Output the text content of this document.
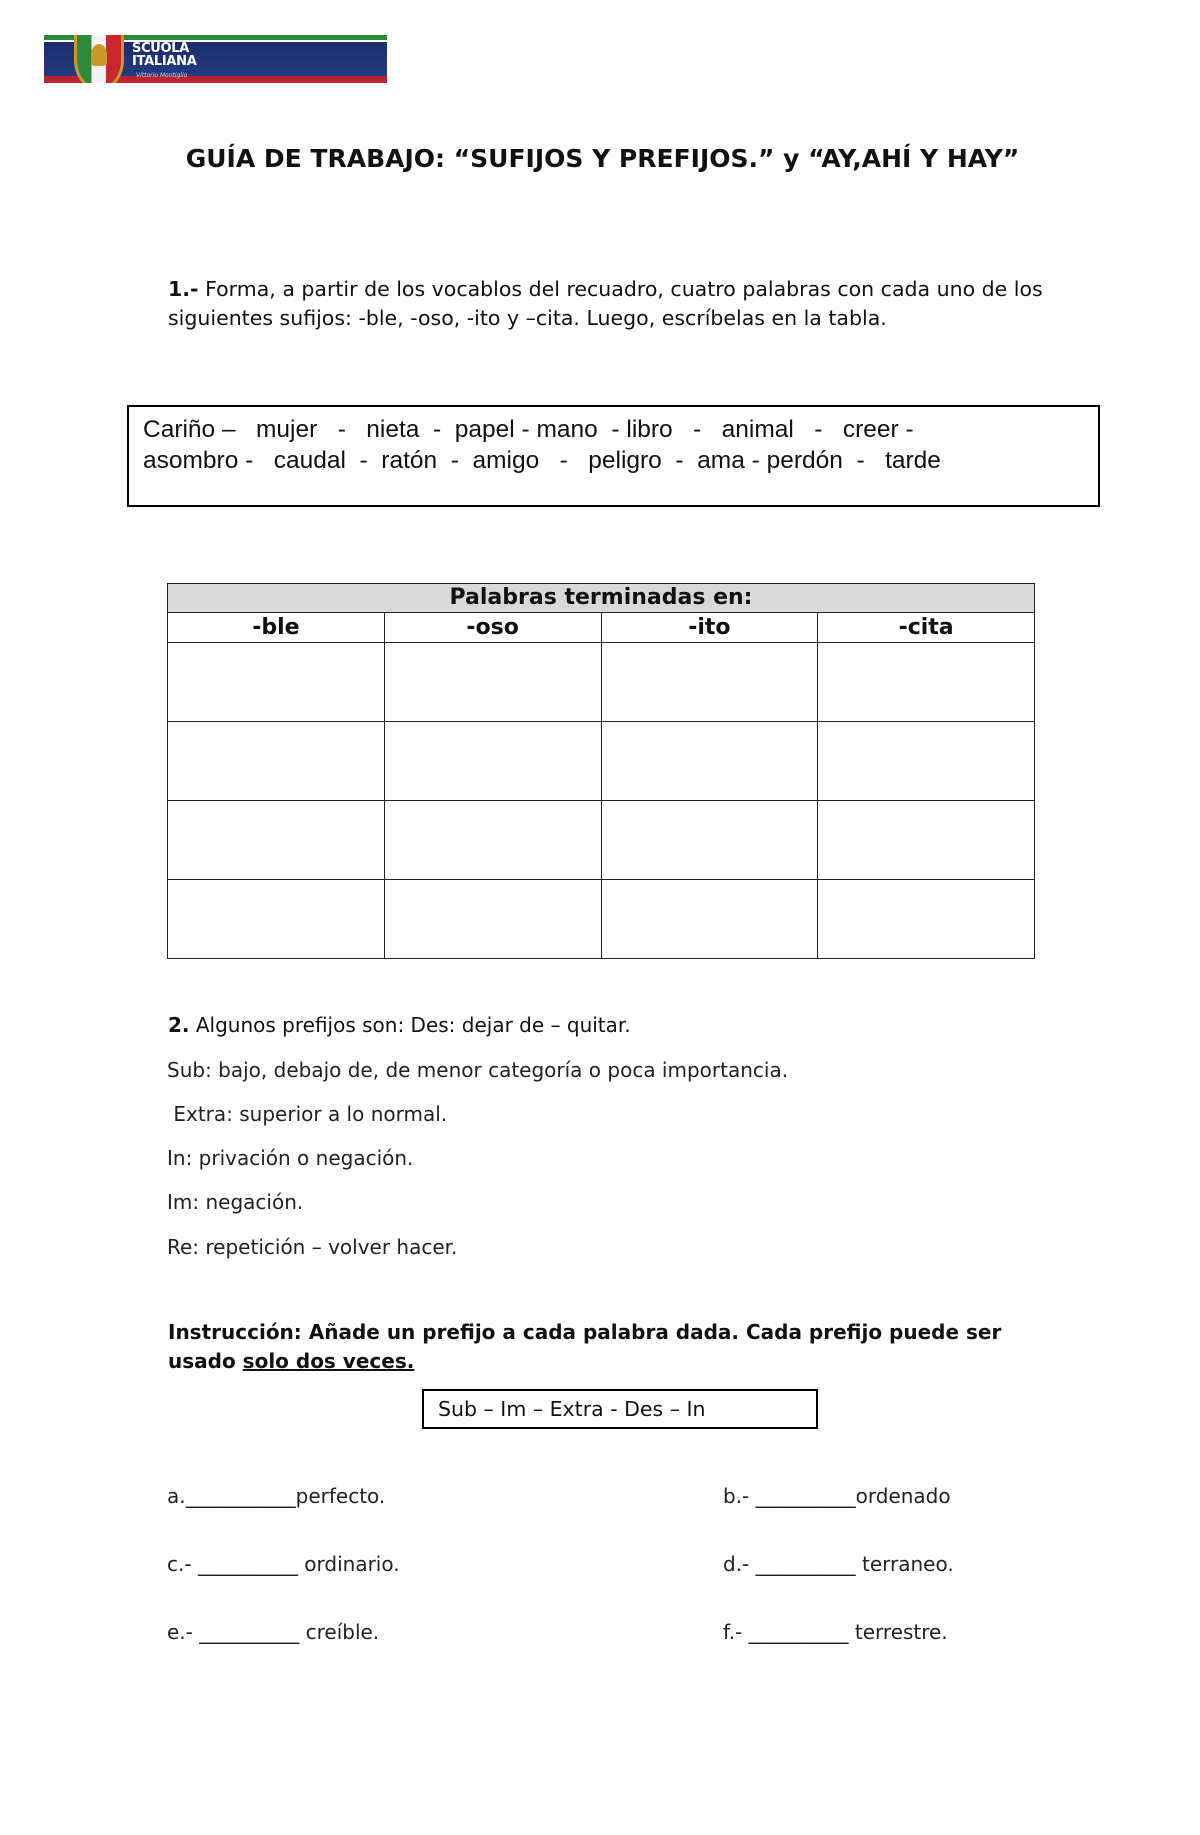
SCUOLA
ITALIANA
Vittorio Montiglio
GUÍA DE TRABAJO: “SUFIJOS Y PREFIJOS.” y “AY,AHÍ Y HAY”
1.- Forma, a partir de los vocablos del recuadro, cuatro palabras con cada uno de los siguientes sufijos: -ble, -oso, -ito y –cita. Luego, escríbelas en la tabla.
Cariño –   mujer   -   nieta  -  papel - mano  - libro   -   animal   -   creer -
asombro -   caudal  -  ratón  -  amigo   -   peligro  -  ama - perdón  -   tarde
Palabras terminadas en:			
-ble	-oso	-ito	-cita

2. Algunos prefijos son: Des: dejar de – quitar.
Sub: bajo, debajo de, de menor categoría o poca importancia.
Extra: superior a lo normal.
In: privación o negación.
Im: negación.
Re: repetición – volver hacer.
Instrucción: Añade un prefijo a cada palabra dada. Cada prefijo puede ser usado solo dos veces.
Sub – Im – Extra - Des – In
a.___________perfecto.	b.- __________ordenado
c.- __________ ordinario.	d.- __________ terraneo.
e.- __________ creíble.	f.- __________ terrestre.
